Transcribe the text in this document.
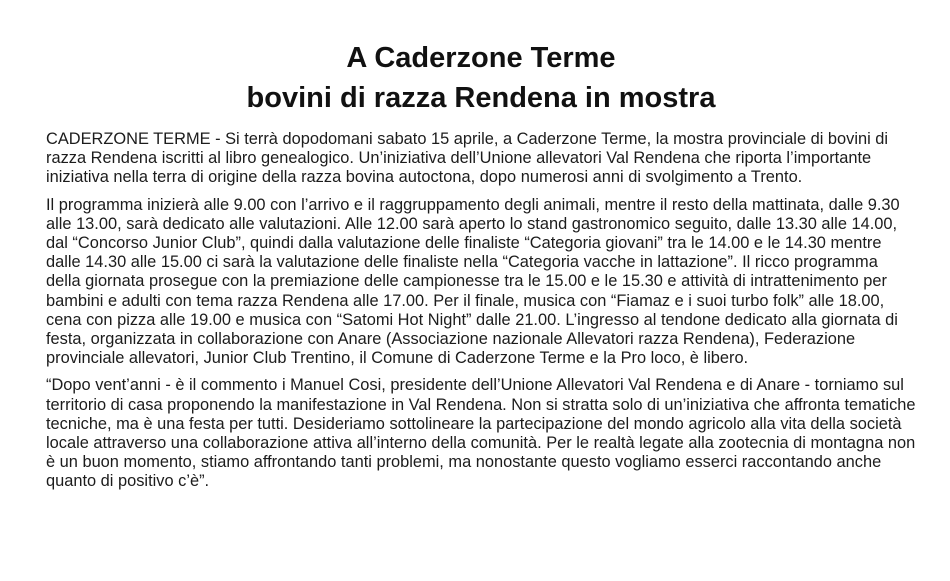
A Caderzone Terme
bovini di razza Rendena in mostra

CADERZONE TERME - Si terrà dopodomani sabato 15 aprile, a Caderzone Terme, la mostra provinciale di bovini di razza Rendena iscritti al libro genealogico. Un’iniziativa dell’Unione allevatori Val Rendena che riporta l’importante iniziativa nella terra di origine della razza bovina autoctona, dopo numerosi anni di svolgimento a Trento.

Il programma inizierà alle 9.00 con l’arrivo e il raggruppamento degli animali, mentre il resto della mattinata, dalle 9.30 alle 13.00, sarà dedicato alle valutazioni. Alle 12.00 sarà aperto lo stand gastronomico seguito, dalle 13.30 alle 14.00, dal “Concorso Junior Club”, quindi dalla valutazione delle finaliste “Categoria giovani” tra le 14.00 e le 14.30 mentre dalle 14.30 alle 15.00 ci sarà la valutazione delle finaliste nella “Categoria vacche in lattazione”. Il ricco programma della giornata prosegue con la premiazione delle campionesse tra le 15.00 e le 15.30 e attività di intrattenimento per bambini e adulti con tema razza Rendena alle 17.00. Per il finale, musica con “Fiamaz e i suoi turbo folk” alle 18.00, cena con pizza alle 19.00 e musica con “Satomi Hot Night” dalle 21.00. L’ingresso al tendone dedicato alla giornata di festa, organizzata in collaborazione con Anare (Associazione nazionale Allevatori razza Rendena), Federazione provinciale allevatori, Junior Club Trentino, il Comune di Caderzone Terme e la Pro loco, è libero.

“Dopo vent’anni - è il commento i Manuel Cosi, presidente dell’Unione Allevatori Val Rendena e di Anare - torniamo sul territorio di casa proponendo la manifestazione in Val Rendena. Non si stratta solo di un’iniziativa che affronta tematiche tecniche, ma è una festa per tutti. Desideriamo sottolineare la partecipazione del mondo agricolo alla vita della società locale attraverso una collaborazione attiva all’interno della comunità. Per le realtà legate alla zootecnia di montagna non è un buon momento, stiamo affrontando tanti problemi, ma nonostante questo vogliamo esserci raccontando anche quanto di positivo c’è”.
